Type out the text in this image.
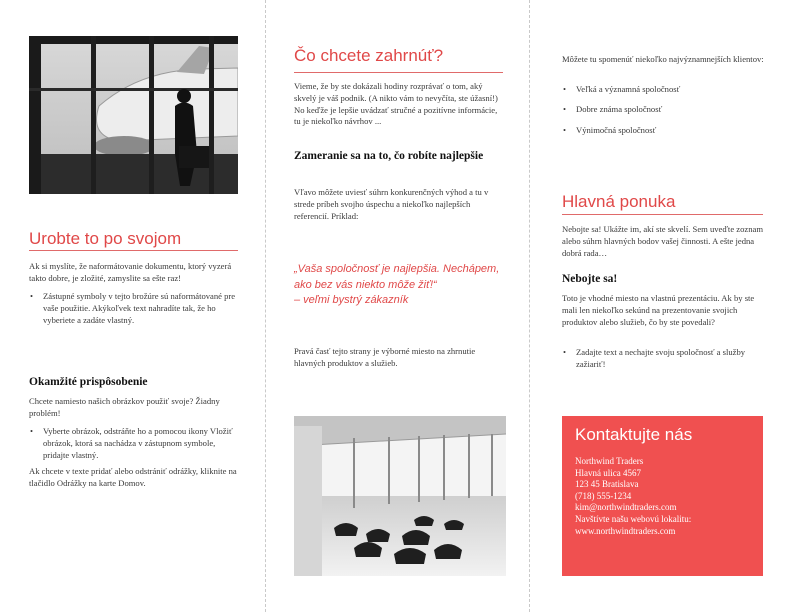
Urobte to po svojom
Ak si myslíte, že naformátovanie dokumentu, ktorý vyzerá takto dobre, je zložité, zamyslite sa ešte raz!
• Zástupné symboly v tejto brožúre sú naformátované pre vaše použitie. Akýkoľvek text nahradíte tak, že ho vyberiete a zadáte vlastný.
Okamžité prispôsobenie
Chcete namiesto našich obrázkov použiť svoje? Žiadny problém!
• Vyberte obrázok, odstráňte ho a pomocou ikony Vložiť obrázok, ktorá sa nachádza v zástupnom symbole, pridajte vlastný.
Ak chcete v texte pridať alebo odstrániť odrážky, kliknite na tlačidlo Odrážky na karte Domov.
Čo chcete zahrnúť?
Vieme, že by ste dokázali hodiny rozprávať o tom, aký skvelý je váš podnik. (A nikto vám to nevyčíta, ste úžasní!) No keďže je lepšie uvádzať stručné a pozitívne informácie, tu je niekoľko návrhov ...
Zameranie sa na to, čo robíte najlepšie
Vľavo môžete uviesť súhrn konkurenčných výhod a tu v strede príbeh svojho úspechu a niekoľko najlepších referencií. Príklad:
„Vaša spoločnosť je najlepšia. Nechápem, ako bez vás niekto môže žiť!“
– veľmi bystrý zákazník
Pravá časť tejto strany je výborné miesto na zhrnutie hlavných produktov a služieb.
Môžete tu spomenúť niekoľko najvýznamnejších klientov:
• Veľká a významná spoločnosť
• Dobre známa spoločnosť
• Výnimočná spoločnosť
Hlavná ponuka
Nebojte sa! Ukážte im, akí ste skvelí. Sem uveďte zoznam alebo súhrn hlavných bodov vašej činnosti. A ešte jedna dobrá rada…
Nebojte sa!
Toto je vhodné miesto na vlastnú prezentáciu. Ak by ste mali len niekoľko sekúnd na prezentovanie svojich produktov alebo služieb, čo by ste povedali?
• Zadajte text a nechajte svoju spoločnosť a služby zažiariť!
Kontaktujte nás
Northwind Traders
Hlavná ulica 4567
123 45 Bratislava
(718) 555-1234
kim@northwindtraders.com
Navštívte našu webovú lokalitu:
www.northwindtraders.com
